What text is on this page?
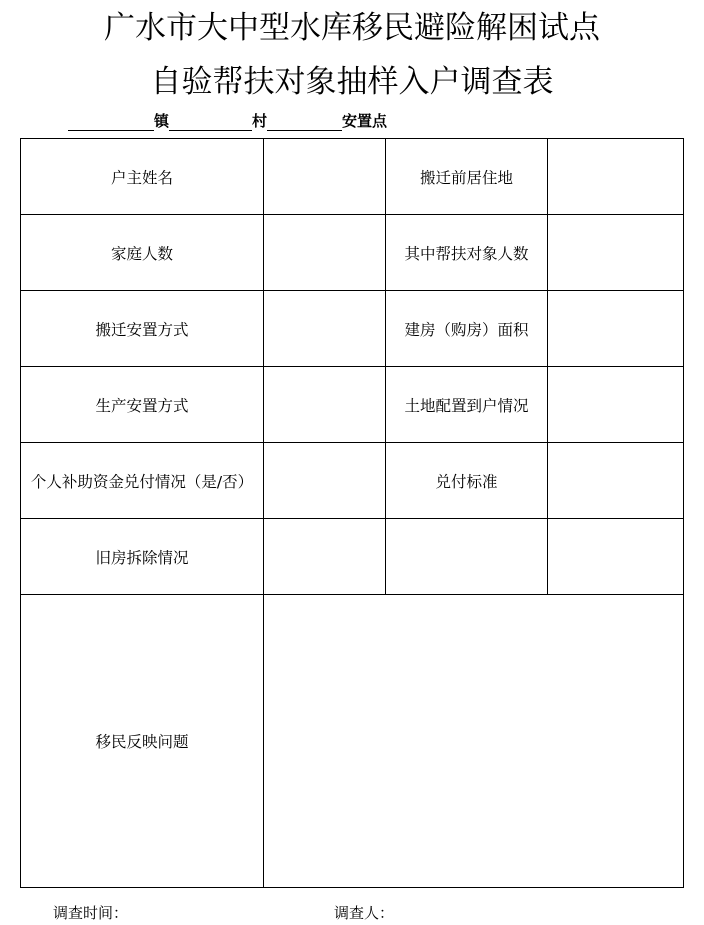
广水市大中型水库移民避险解困试点
自验帮扶对象抽样入户调查表
镇	村	安置点
户主姓名		搬迁前居住地	
家庭人数		其中帮扶对象人数	
搬迁安置方式		建房（购房）面积	
生产安置方式		土地配置到户情况	
个人补助资金兑付情况（是/否）		兑付标准	
旧房拆除情况			
移民反映问题			
调查时间：	调查人：
